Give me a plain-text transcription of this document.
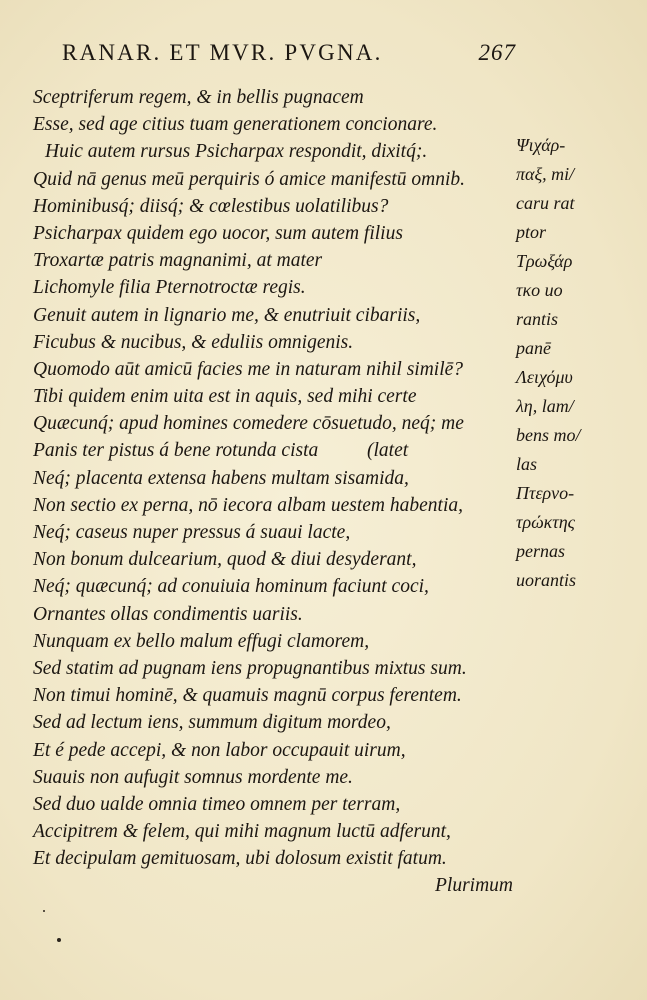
RANAR. ET MVR. PVGNA.	267
Sceptriferum regem, & in bellis pugnacem
Esse, sed age citius tuam generationem concionare.
Huic autem rursus Psicharpax respondit, dixitq́;.
Quid nā genus meū perquiris ó amice manifestū omnib.
Hominibusq́; diisq́; & cœlestibus uolatilibus?
Psicharpax quidem ego uocor, sum autem filius
Troxartæ patris magnanimi, at mater
Lichomyle filia Pternotroctæ regis.
Genuit autem in lignario me, & enutriuit cibariis,
Ficubus & nucibus, & eduliis omnigenis.
Quomodo aūt amicū facies me in naturam nihil similē?
Tibi quidem enim uita est in aquis, sed mihi certe
Quæcunq́; apud homines comedere cōsuetudo, neq́; me
Panis ter pistus á bene rotunda cista          (latet
Neq́; placenta extensa habens multam sisamida,
Non sectio ex perna, nō iecora albam uestem habentia,
Neq́; caseus nuper pressus á suaui lacte,
Non bonum dulcearium, quod & diui desyderant,
Neq́; quæcunq́; ad conuiuia hominum faciunt coci,
Ornantes ollas condimentis uariis.
Nunquam ex bello malum effugi clamorem,
Sed statim ad pugnam iens propugnantibus mixtus sum.
Non timui hominē, & quamuis magnū corpus ferentem.
Sed ad lectum iens, summum digitum mordeo,
Et é pede accepi, & non labor occupauit uirum,
Suauis non aufugit somnus mordente me.
Sed duo ualde omnia timeo omnem per terram,
Accipitrem & felem, qui mihi magnum luctū adferunt,
Et decipulam gemituosam, ubi dolosum existit fatum.
Plurimum
Ψιχάρ-
παξ, mi/
caru rat
ptor
Τρωξάρ
τκο uo
rantis
panē
Λειχόμυ
λη, lam/
bens mo/
las
Πτερνο-
τρώκτης
pernas
uorantis
